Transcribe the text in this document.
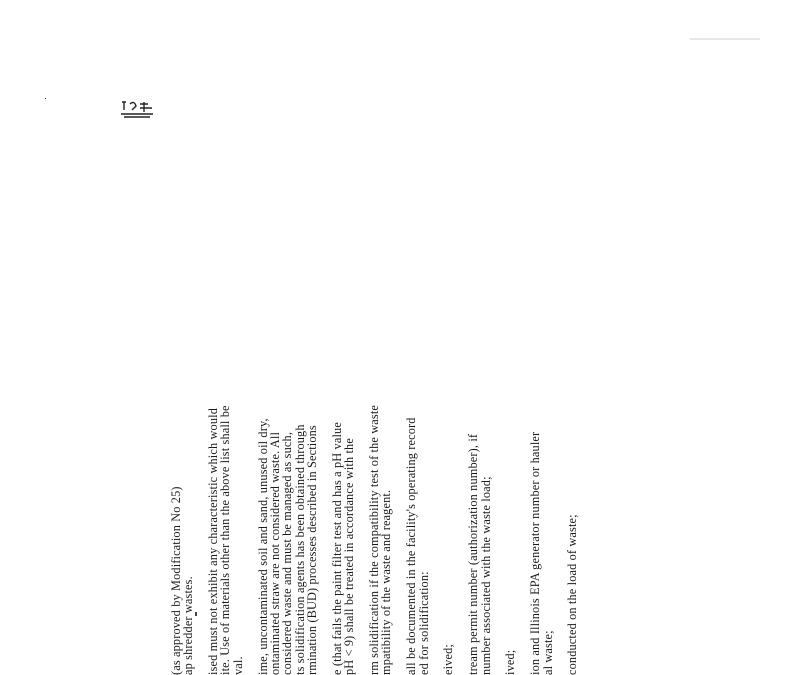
(as approved by Modification No 25)
ap shredder wastes. ised must not exhibit any characteristic which would
ite. Use of materials other than the above list shall be
val. ime, uncontaminated soil and sand, unused oil dry,
ontaminated straw are not considered waste. All
considered waste and must be managed as such,
ts solidification agents has been obtained through
rmination (BUD) processes described in Sections e (that fails the paint filter test and has a pH value
pH < 9) shall be treated in accordance with the rm solidification if the compatibility test of the waste
mpatibility of the waste and reagent. all be documented in the facility's operating record
ed for solidification: eived; tream permit number (authorization number), if
number associated with the waste load; ived; ion and Illinois EPA generator number or hauler
al waste; conducted on the load of waste;
